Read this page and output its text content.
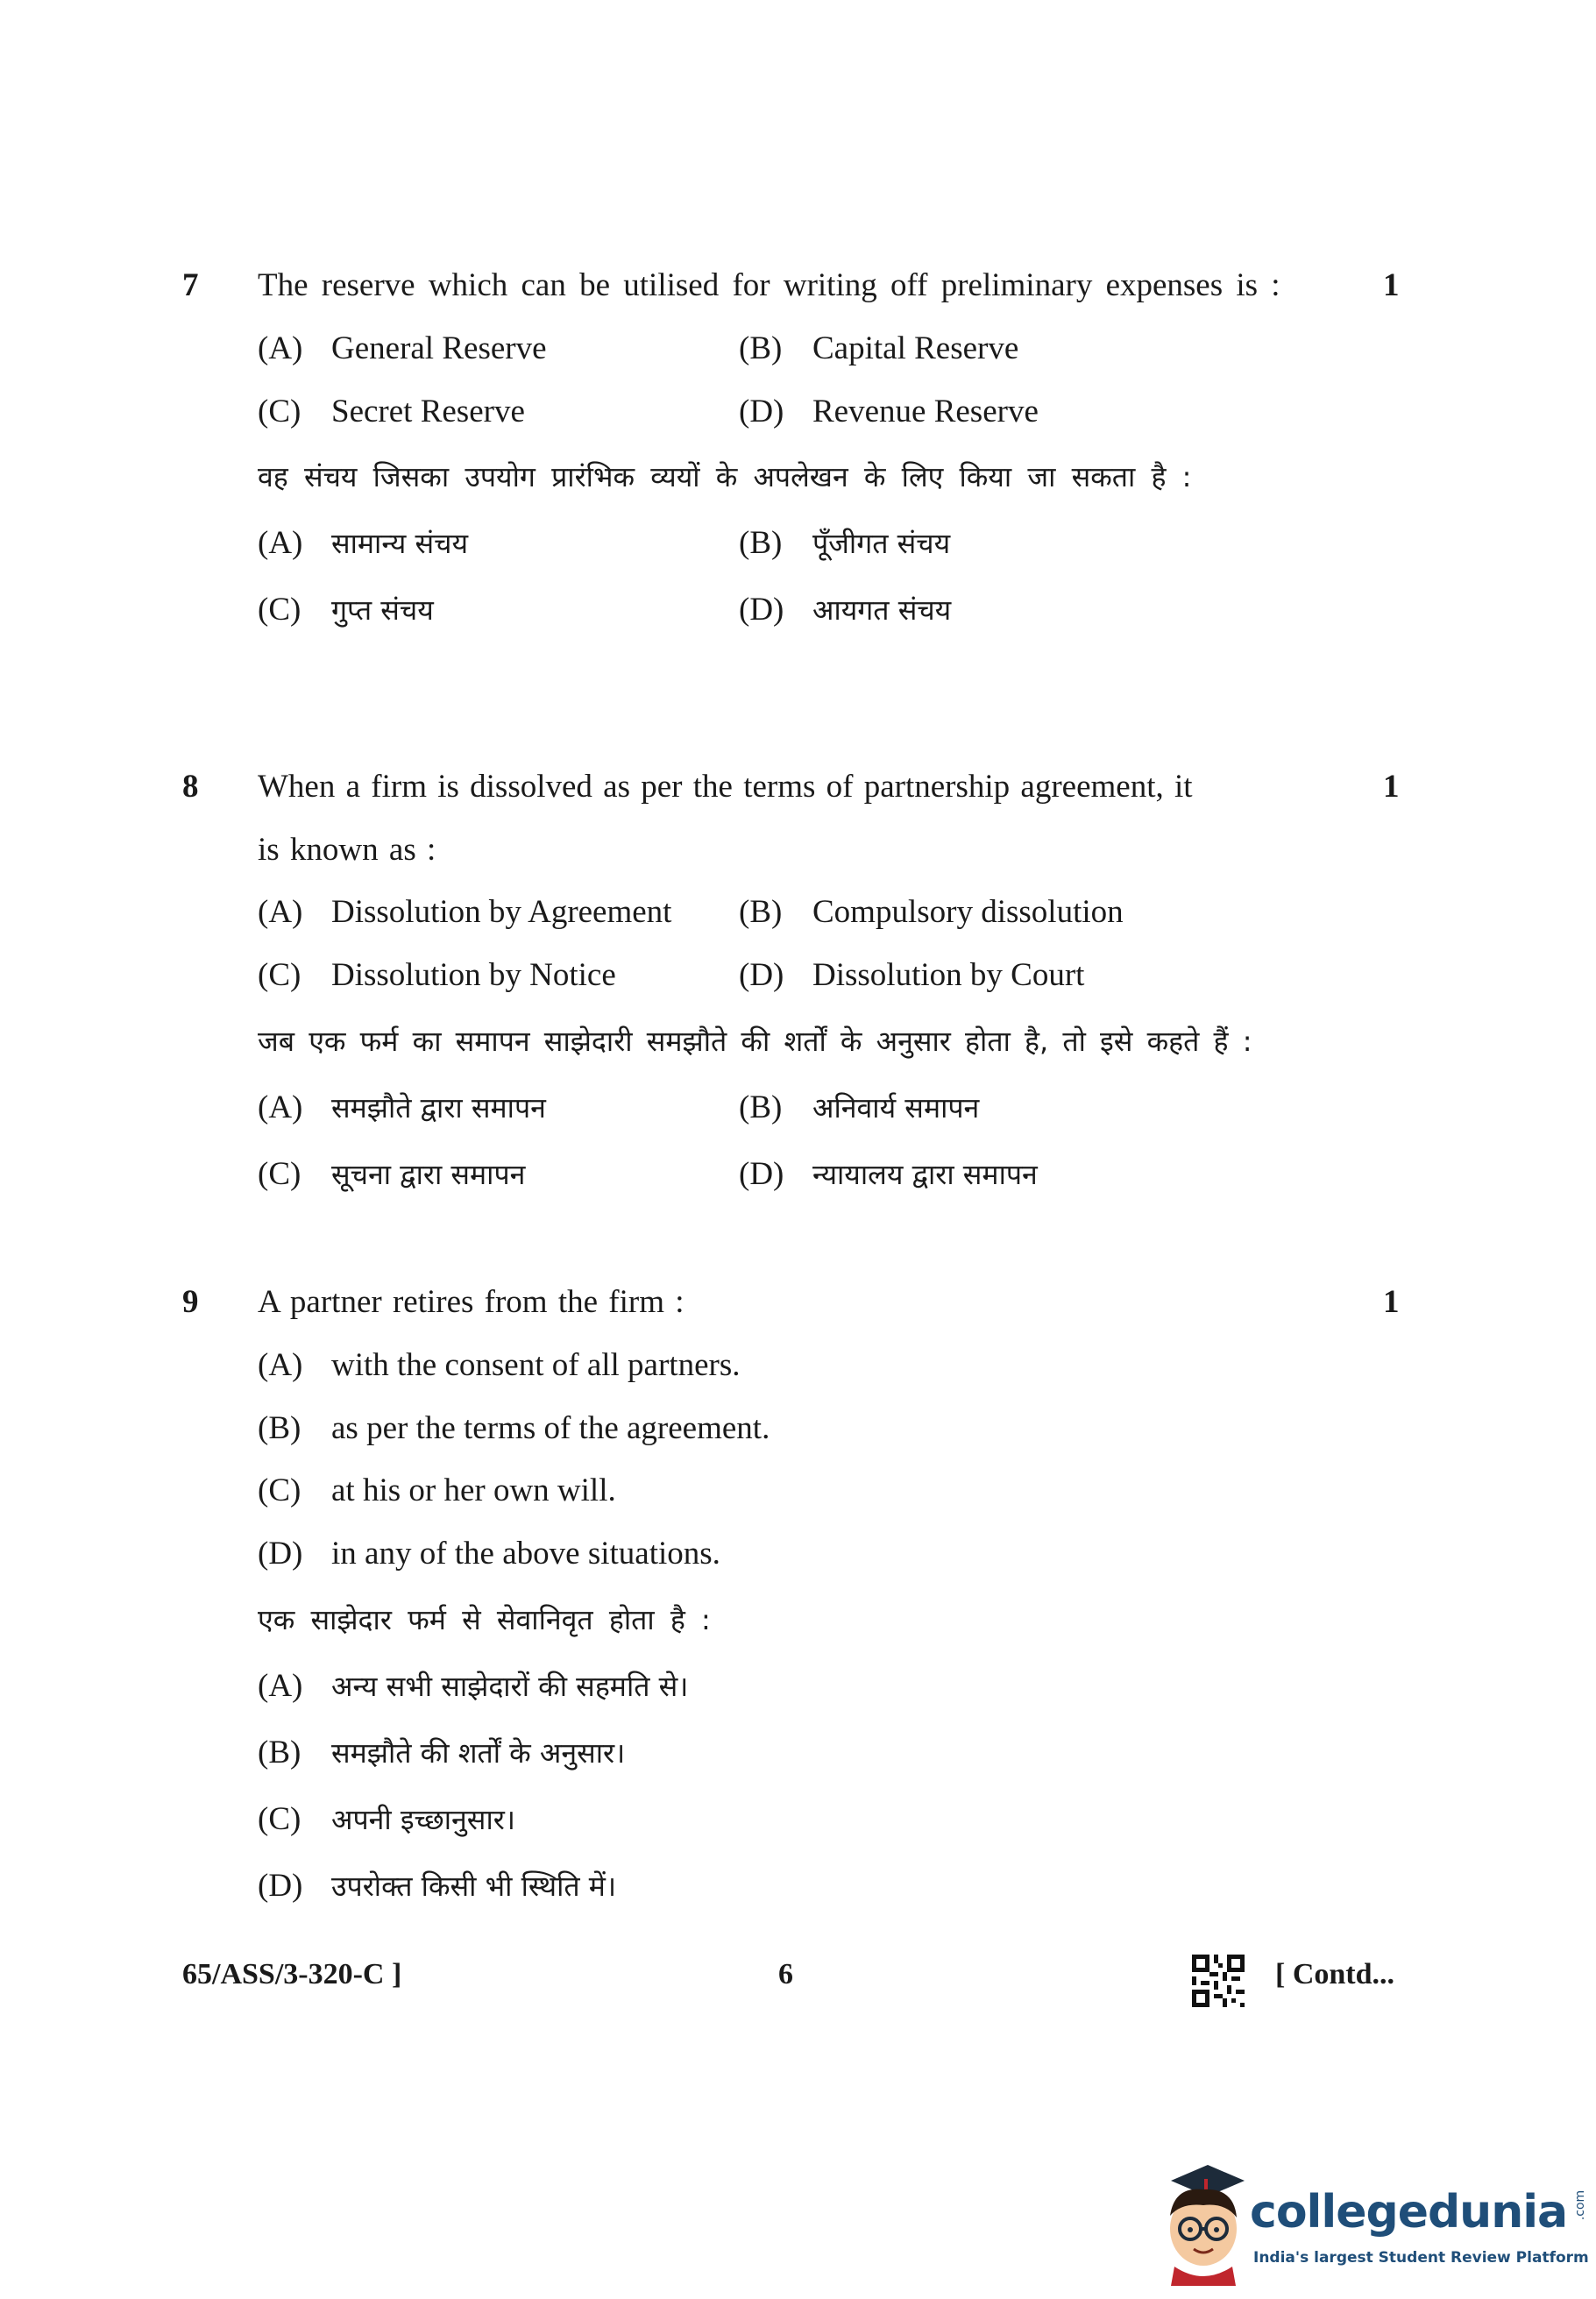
7	1
The reserve which can be utilised for writing off preliminary expenses is :
(A) General Reserve	(B) Capital Reserve
(C) Secret Reserve	(D) Revenue Reserve
वह संचय जिसका उपयोग प्रारंभिक व्ययों के अपलेखन के लिए किया जा सकता है :
(A) सामान्य संचय	(B) पूँजीगत संचय
(C) गुप्त संचय	(D) आयगत संचय
8	1
When a firm is dissolved as per the terms of partnership agreement, it
is known as :
(A) Dissolution by Agreement (B) Compulsory dissolution
(C) Dissolution by Notice	(D) Dissolution by Court
जब एक फर्म का समापन साझेदारी समझौते की शर्तों के अनुसार होता है, तो इसे कहते हैं :
(A) समझौते द्वारा समापन	(B) अनिवार्य समापन
(C) सूचना द्वारा समापन	(D) न्यायालय द्वारा समापन
9	1
A partner retires from the firm :
(A) with the consent of all partners.
(B) as per the terms of the agreement.
(C) at his or her own will.
(D) in any of the above situations.
एक साझेदार फर्म से सेवानिवृत होता है :
(A) अन्य सभी साझेदारों की सहमति से।
(B) समझौते की शर्तों के अनुसार।
(C) अपनी इच्छानुसार।
(D) उपरोक्त किसी भी स्थिति में।
65/ASS/3-320-C ]	6	[ Contd...
collegedunia .com
India's largest Student Review Platform
